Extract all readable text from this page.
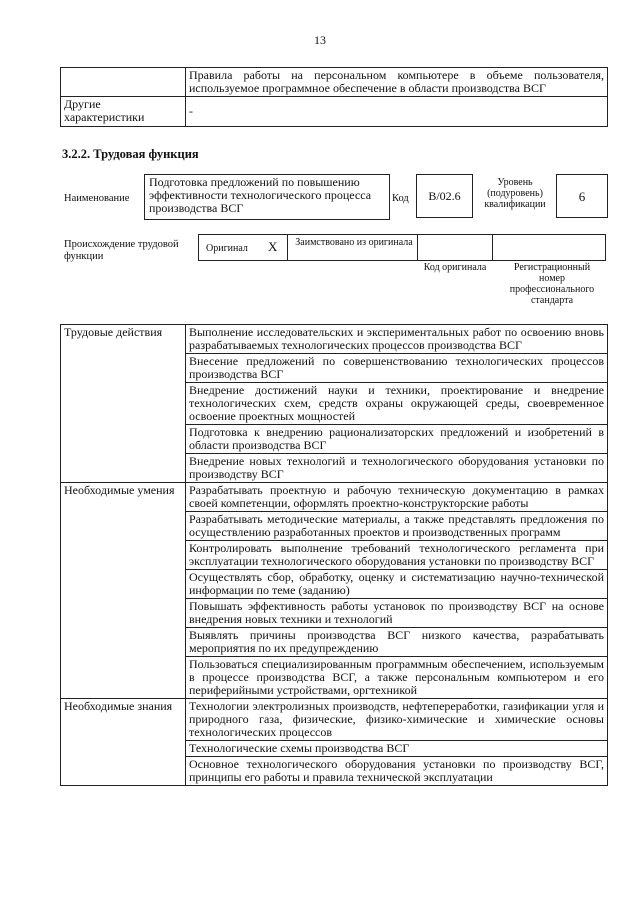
13
	Правила работы на персональном компьютере в объеме пользователя, используемое программное обеспечение в области производства ВСГ
Другие характеристики	-
3.2.2. Трудовая функция
Наименование
Подготовка предложений по повышению эффективности технологического процесса производства ВСГ
Код	B/02.6
Уровень (подуровень) квалификации
6
Происхождение трудовой функции
Оригинал X Заимствовано из оригинала
Код оригинала	Регистрационный номер профессионального стандарта
Трудовые действия	Выполнение исследовательских и экспериментальных работ по освоению вновь разрабатываемых технологических процессов производства ВСГ
	Внесение предложений по совершенствованию технологических процессов производства ВСГ
	Внедрение достижений науки и техники, проектирование и внедрение технологических схем, средств охраны окружающей среды, своевременное освоение проектных мощностей
	Подготовка к внедрению рационализаторских предложений и изобретений в области производства ВСГ
	Внедрение новых технологий и технологического оборудования установки по производству ВСГ
Необходимые умения	Разрабатывать проектную и рабочую техническую документацию в рамках своей компетенции, оформлять проектно-конструкторские работы
	Разрабатывать методические материалы, а также представлять предложения по осуществлению разработанных проектов и производственных программ
	Контролировать выполнение требований технологического регламента при эксплуатации технологического оборудования установки по производству ВСГ
	Осуществлять сбор, обработку, оценку и систематизацию научно-технической информации по теме (заданию)
	Повышать эффективность работы установок по производству ВСГ на основе внедрения новых техники и технологий
	Выявлять причины производства ВСГ низкого качества, разрабатывать мероприятия по их предупреждению
	Пользоваться специализированным программным обеспечением, используемым в процессе производства ВСГ, а также персональным компьютером и его периферийными устройствами, оргтехникой
Необходимые знания	Технологии электролизных производств, нефтепереработки, газификации угля и природного газа, физические, физико-химические и химические основы технологических процессов
	Технологические схемы производства ВСГ
	Основное технологического оборудования установки по производству ВСГ, принципы его работы и правила технической эксплуатации
